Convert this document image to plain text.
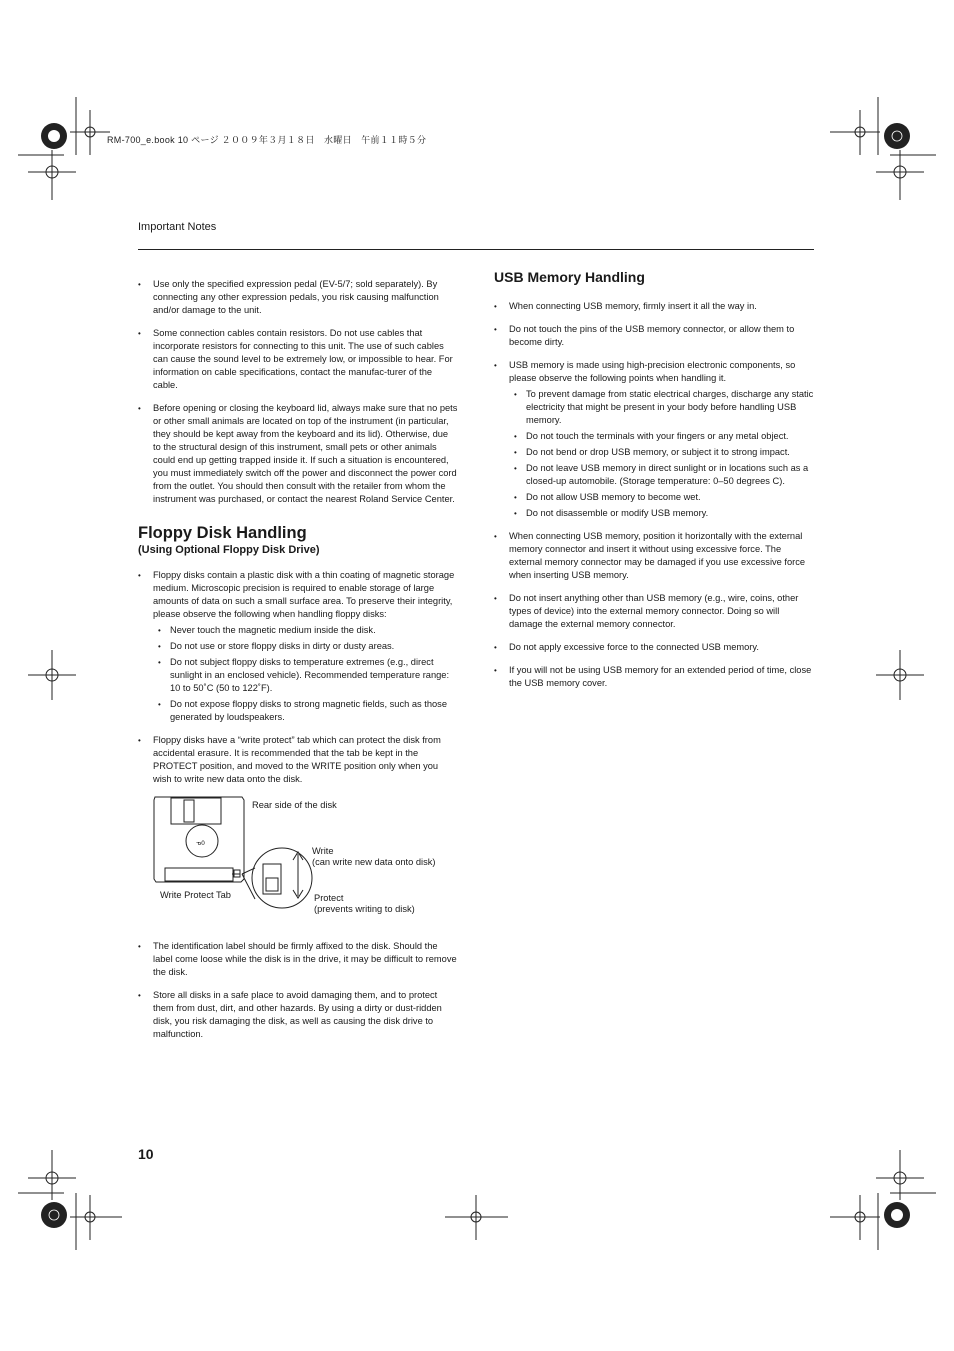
RM-700_e.book 10 ページ ２００９年３月１８日　水曜日　午前１１時５分
Important Notes
• Use only the specified expression pedal (EV-5/7; sold separately). By connecting any other expression pedals, you risk causing malfunction and/or damage to the unit.
• Some connection cables contain resistors. Do not use cables that incorporate resistors for connecting to this unit. The use of such cables can cause the sound level to be extremely low, or impossible to hear. For information on cable specifications, contact the manufac-turer of the cable.
• Before opening or closing the keyboard lid, always make sure that no pets or other small animals are located on top of the instrument (in particular, they should be kept away from the keyboard and its lid). Otherwise, due to the structural design of this instrument, small pets or other animals could end up getting trapped inside it. If such a situation is encountered, you must immediately switch off the power and disconnect the power cord from the outlet. You should then consult with the retailer from whom the instrument was purchased, or contact the nearest Roland Service Center.
Floppy Disk Handling
(Using Optional Floppy Disk Drive)
• Floppy disks contain a plastic disk with a thin coating of magnetic storage medium. Microscopic precision is required to enable storage of large amounts of data on such a small surface area. To preserve their integrity, please observe the following when handling floppy disks:
• Never touch the magnetic medium inside the disk.
• Do not use or store floppy disks in dirty or dusty areas.
• Do not subject floppy disks to temperature extremes (e.g., direct sunlight in an enclosed vehicle). Recommended temperature range: 10 to 50˚C (50 to 122˚F).
• Do not expose floppy disks to strong magnetic fields, such as those generated by loudspeakers.
• Floppy disks have a “write protect” tab which can protect the disk from accidental erasure. It is recommended that the tab be kept in the PROTECT position, and moved to the WRITE position only when you wish to write new data onto the disk.
ᓀ0
Rear side of the disk
Write
(can write new data onto disk)
Protect
(prevents writing to disk)
Write Protect Tab
• The identification label should be firmly affixed to the disk. Should the label come loose while the disk is in the drive, it may be difficult to remove the disk.
• Store all disks in a safe place to avoid damaging them, and to protect them from dust, dirt, and other hazards. By using a dirty or dust-ridden disk, you risk damaging the disk, as well as causing the disk drive to malfunction.
USB Memory Handling
• When connecting USB memory, firmly insert it all the way in.
• Do not touch the pins of the USB memory connector, or allow them to become dirty.
• USB memory is made using high-precision electronic components, so please observe the following points when handling it.
• To prevent damage from static electrical charges, discharge any static electricity that might be present in your body before handling USB memory.
• Do not touch the terminals with your fingers or any metal object.
• Do not bend or drop USB memory, or subject it to strong impact.
• Do not leave USB memory in direct sunlight or in locations such as a closed-up automobile. (Storage temperature: 0–50 degrees C).
• Do not allow USB memory to become wet.
• Do not disassemble or modify USB memory.
• When connecting USB memory, position it horizontally with the external memory connector and insert it without using excessive force. The external memory connector may be damaged if you use excessive force when inserting USB memory.
• Do not insert anything other than USB memory (e.g., wire, coins, other types of device) into the external memory connector. Doing so will damage the external memory connector.
• Do not apply excessive force to the connected USB memory.
• If you will not be using USB memory for an extended period of time, close the USB memory cover.
10
